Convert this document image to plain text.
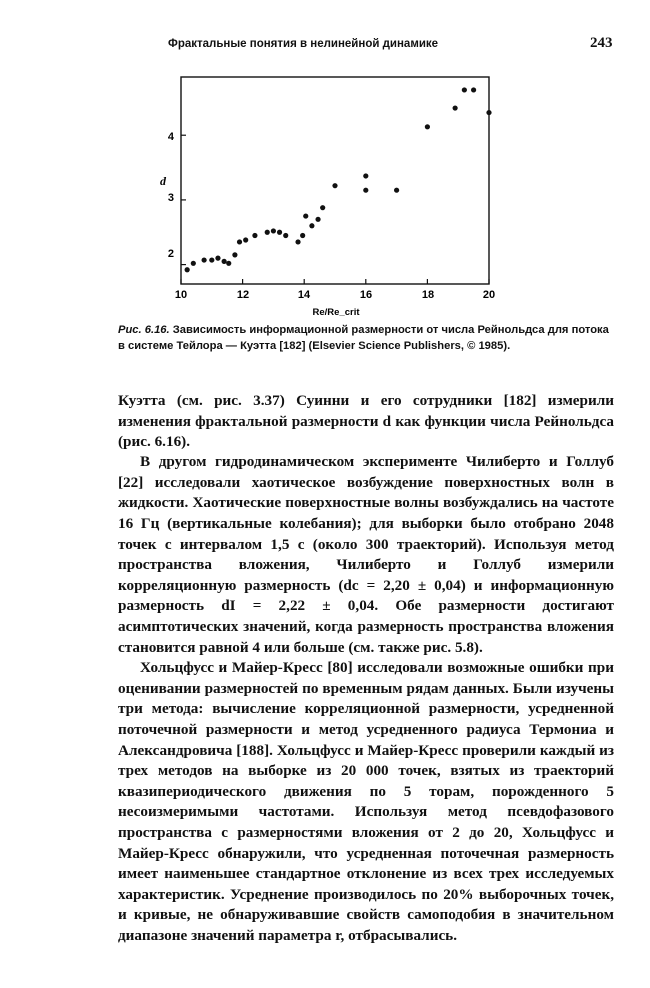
Фрактальные понятия в нелинейной динамике	243
10	12	14	16	18	20
2
3
4
d
Re/Re_crit
Рис. 6.16. Зависимость информационной размерности от числа Рейнольдса для потока в системе Тейлора — Куэтта [182] (Elsevier Science Publishers, © 1985).

Куэтта (см. рис. 3.37) Суинни и его сотрудники [182] измерили изменения фрактальной размерности d как функции числа Рейнольдса (рис. 6.16).

В другом гидродинамическом эксперименте Чилиберто и Голлуб [22] исследовали хаотическое возбуждение поверхностных волн в жидкости. Хаотические поверхностные волны возбуждались на частоте 16 Гц (вертикальные колебания); для выборки было отобрано 2048 точек с интервалом 1,5 с (около 300 траекторий). Используя метод пространства вложения, Чилиберто и Голлуб измерили корреляционную размерность (dc = 2,20 ± 0,04) и информационную размерность dI = 2,22 ± 0,04. Обе размерности достигают асимптотических значений, когда размерность пространства вложения становится равной 4 или больше (см. также рис. 5.8).

Хольцфусс и Майер-Кресс [80] исследовали возможные ошибки при оценивании размерностей по временным рядам данных. Были изучены три метода: вычисление корреляционной размерности, усредненной поточечной размерности и метод усредненного радиуса Термониа и Александровича [188]. Хольцфусс и Майер-Кресс проверили каждый из трех методов на выборке из 20 000 точек, взятых из траекторий квазипериодического движения по 5 торам, порожденного 5 несоизмеримыми частотами. Используя метод псевдофазового пространства с размерностями вложения от 2 до 20, Хольцфусс и Майер-Кресс обнаружили, что усредненная поточечная размерность имеет наименьшее стандартное отклонение из всех трех исследуемых характеристик. Усреднение производилось по 20% выборочных точек, и кривые, не обнаруживавшие свойств самоподобия в значительном диапазоне значений параметра r, отбрасывались.
